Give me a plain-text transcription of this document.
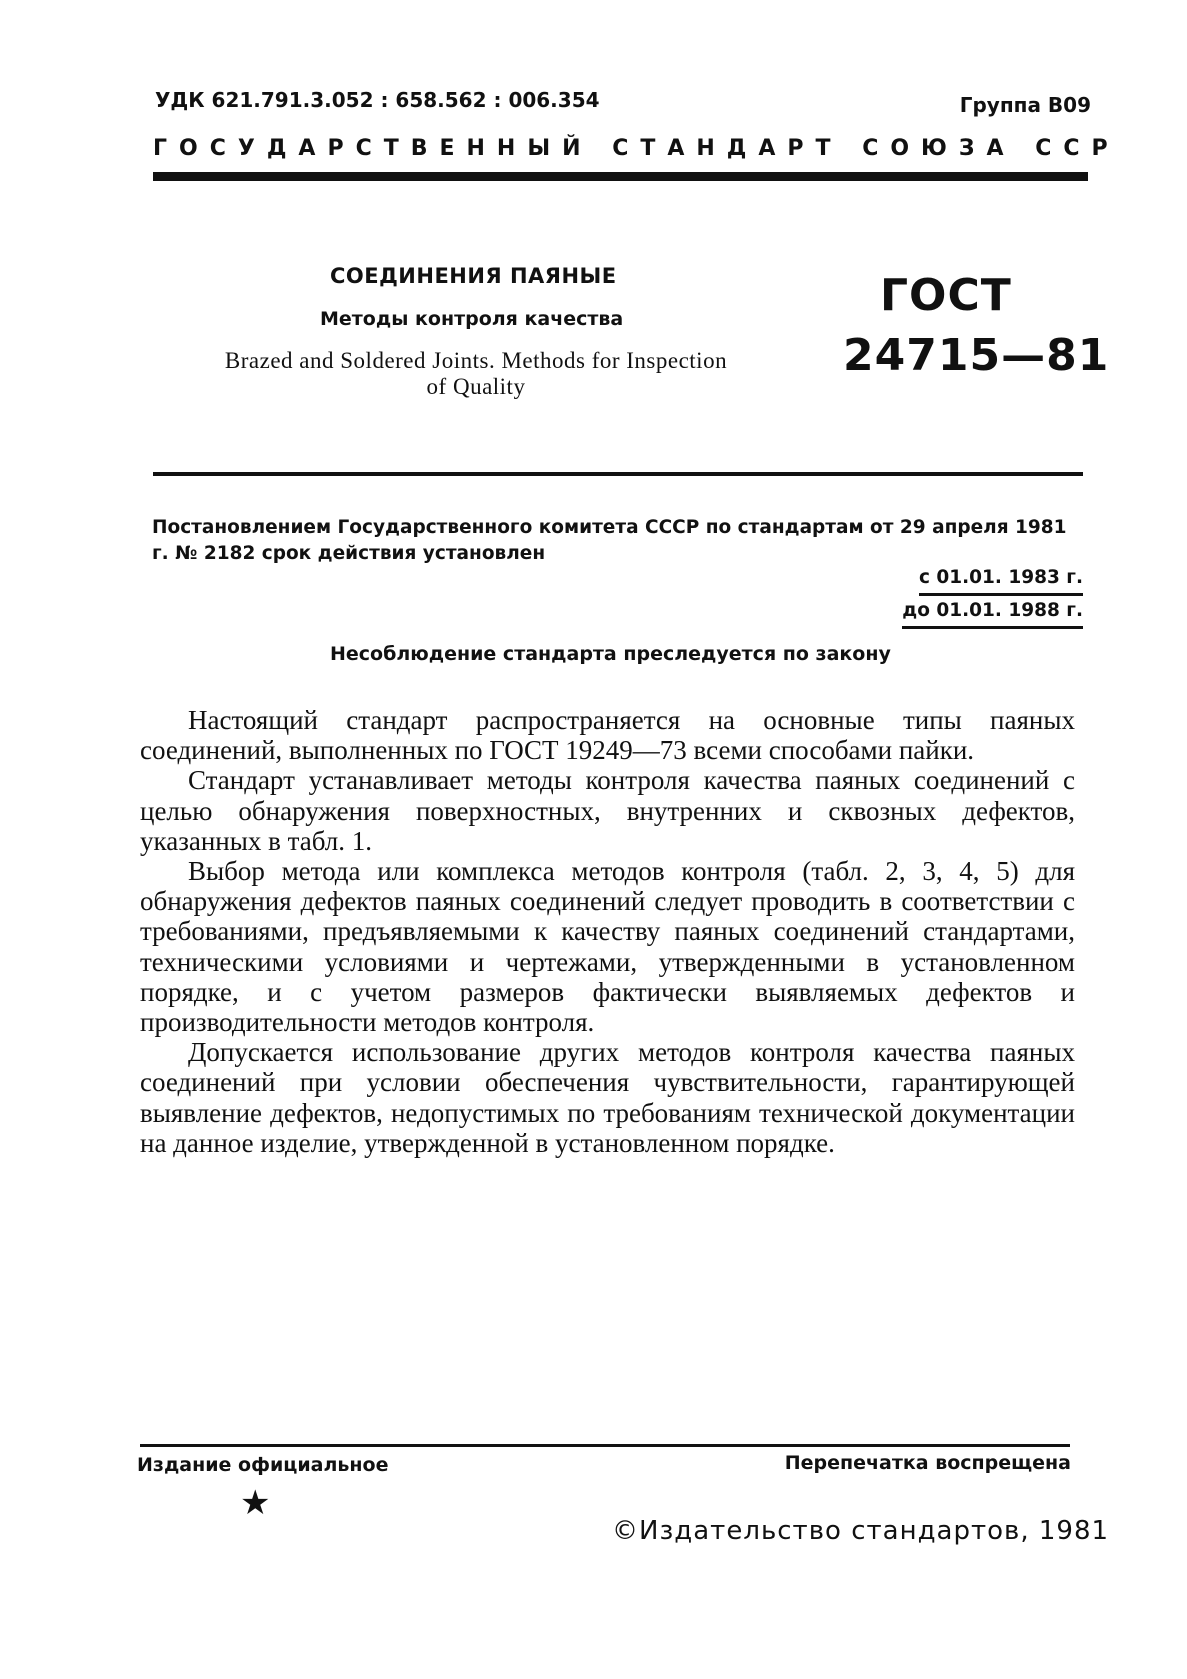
УДК 621.791.3.052 : 658.562 : 006.354	Группа В09
ГОСУДАРСТВЕННЫЙ СТАНДАРТ СОЮЗА ССР
СОЕДИНЕНИЯ ПАЯНЫЕ
Методы контроля качества
Brazed and Soldered Joints. Methods for Inspection
of Quality
ГОСТ
24715—81
Постановлением Государственного комитета СССР по стандартам от 29 апреля 1981 г. № 2182 срок действия установлен
с 01.01. 1983 г.
до 01.01. 1988 г.
Несоблюдение стандарта преследуется по закону

Настоящий стандарт распространяется на основные типы паяных соединений, выполненных по ГОСТ 19249—73 всеми способами пайки.

Стандарт устанавливает методы контроля качества паяных соединений с целью обнаружения поверхностных, внутренних и сквозных дефектов, указанных в табл. 1.

Выбор метода или комплекса методов контроля (табл. 2, 3, 4, 5) для обнаружения дефектов паяных соединений следует проводить в соответствии с требованиями, предъявляемыми к качеству паяных соединений стандартами, техническими условиями и чертежами, утвержденными в установленном порядке, и с учетом размеров фактически выявляемых дефектов и производительности методов контроля.

Допускается использование других методов контроля качества паяных соединений при условии обеспечения чувствительности, гарантирующей выявление дефектов, недопустимых по требованиям технической документации на данное изделие, утвержденной в установленном порядке.

Издание официальное	Перепечатка воспрещена
★
©Издательство стандартов, 1981
